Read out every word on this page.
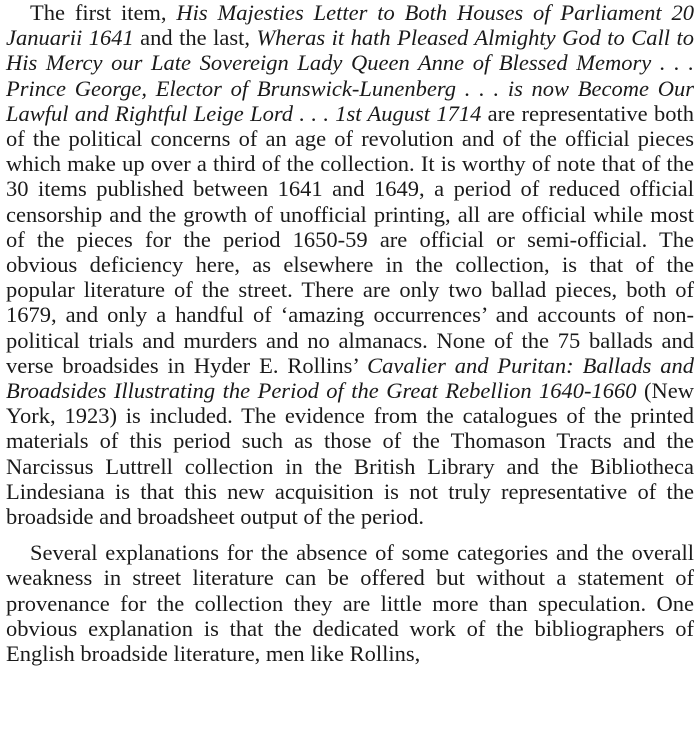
The first item, His Majesties Letter to Both Houses of Parliament 20 Januarii 1641 and the last, Wheras it hath Pleased Almighty God to Call to His Mercy our Late Sovereign Lady Queen Anne of Blessed Memory . . . Prince George, Elector of Brunswick-Lunenberg . . . is now Become Our Lawful and Rightful Leige Lord . . . 1st August 1714 are representative both of the political concerns of an age of revolution and of the official pieces which make up over a third of the collection. It is worthy of note that of the 30 items published between 1641 and 1649, a period of reduced official censorship and the growth of unofficial printing, all are official while most of the pieces for the period 1650-59 are official or semi-official. The obvious deficiency here, as elsewhere in the collection, is that of the popular literature of the street. There are only two ballad pieces, both of 1679, and only a handful of ‘amazing occurrences’ and accounts of non-political trials and murders and no almanacs. None of the 75 ballads and verse broadsides in Hyder E. Rollins’ Cavalier and Puritan: Ballads and Broadsides Illustrating the Period of the Great Rebellion 1640-1660 (New York, 1923) is included. The evidence from the catalogues of the printed materials of this period such as those of the Thomason Tracts and the Narcissus Luttrell collection in the British Library and the Bibliotheca Lindesiana is that this new acquisition is not truly representative of the broadside and broadsheet output of the period.

Several explanations for the absence of some categories and the overall weakness in street literature can be offered but without a statement of provenance for the collection they are little more than speculation. One obvious explanation is that the dedicated work of the bibliographers of English broadside literature, men like Rollins,
